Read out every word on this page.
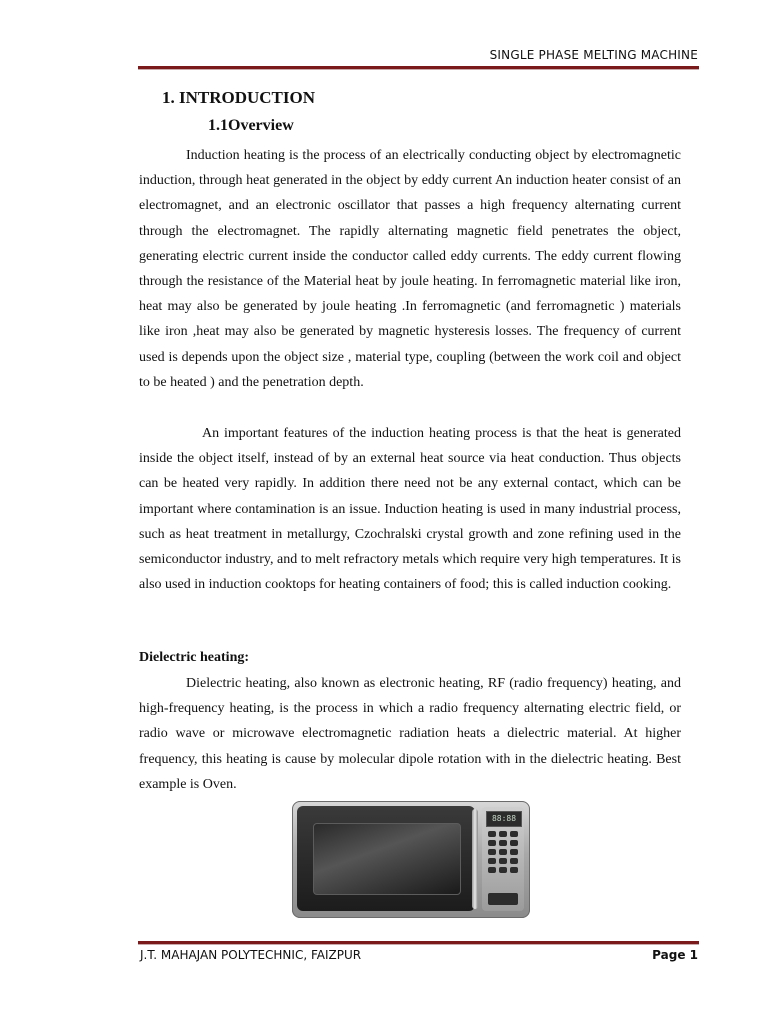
SINGLE PHASE MELTING MACHINE
1. INTRODUCTION
1.1Overview

Induction heating is the process of an electrically conducting object by electromagnetic induction, through heat generated in the object by eddy current An induction heater consist of an electromagnet, and an electronic oscillator that passes a high frequency alternating current through the electromagnet. The rapidly alternating magnetic field penetrates the object, generating electric current inside the conductor called eddy currents. The eddy current flowing through the resistance of the Material heat by joule heating. In ferromagnetic material like iron, heat may also be generated by joule heating .In ferromagnetic (and ferromagnetic ) materials like iron ,heat may also be generated by magnetic hysteresis losses. The frequency of current used is depends upon the object size , material type, coupling (between the work coil and object to be heated ) and the penetration depth.

An important features of the induction heating process is that the heat is generated inside the object itself, instead of by an external heat source via heat conduction. Thus objects can be heated very rapidly. In addition there need not be any external contact, which can be important where contamination is an issue. Induction heating is used in many industrial process, such as heat treatment in metallurgy, Czochralski crystal growth and zone refining used in the semiconductor industry, and to melt refractory metals which require very high temperatures. It is also used in induction cooktops for heating containers of food; this is called induction cooking.

Dielectric heating:

Dielectric heating, also known as electronic heating, RF (radio frequency) heating, and high-frequency heating, is the process in which a radio frequency alternating electric field, or radio wave or microwave electromagnetic radiation heats a dielectric material. At higher frequency, this heating is cause by molecular dipole rotation with in the dielectric heating. Best example is Oven.

88:88
J.T. MAHAJAN POLYTECHNIC, FAIZPUR	Page 1
